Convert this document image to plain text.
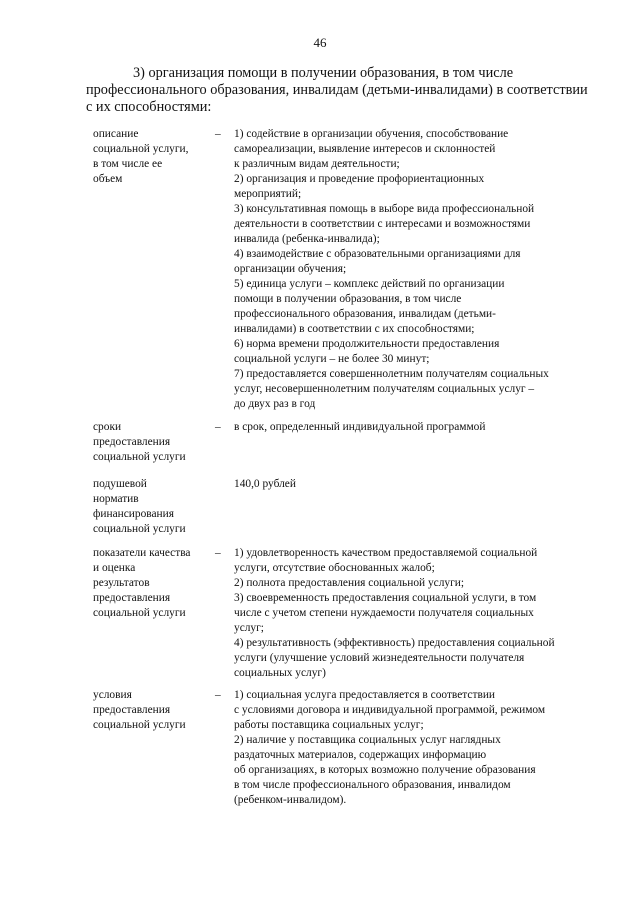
46
3) организация помощи в получении образования, в том числе
профессионального образования, инвалидам (детьми-инвалидами) в соответствии
с их способностями:
описание
социальной услуги,
в том числе ее
объем
– 1) содействие в организации обучения, способствование
самореализации, выявление интересов и склонностей
к различным видам деятельности;
2) организация и проведение профориентационных
мероприятий;
3) консультативная помощь в выборе вида профессиональной
деятельности в соответствии с интересами и возможностями
инвалида (ребенка-инвалида);
4) взаимодействие с образовательными организациями для
организации обучения;
5) единица услуги – комплекс действий по организации
помощи в получении образования, в том числе
профессионального образования, инвалидам (детьми-
инвалидами) в соответствии с их способностями;
6) норма времени продолжительности предоставления
социальной услуги – не более 30 минут;
7) предоставляется совершеннолетним получателям социальных
услуг, несовершеннолетним получателям социальных услуг –
до двух раз в год
сроки
предоставления
социальной услуги
– в срок, определенный индивидуальной программой
подушевой
норматив
финансирования
социальной услуги
140,0 рублей
показатели качества
и оценка
результатов
предоставления
социальной услуги
– 1) удовлетворенность качеством предоставляемой социальной
услуги, отсутствие обоснованных жалоб;
2) полнота предоставления социальной услуги;
3) своевременность предоставления социальной услуги, в том
числе с учетом степени нуждаемости получателя социальных
услуг;
4) результативность (эффективность) предоставления социальной
услуги (улучшение условий жизнедеятельности получателя
социальных услуг)
условия
предоставления
социальной услуги
– 1) социальная услуга предоставляется в соответствии
с условиями договора и индивидуальной программой, режимом
работы поставщика социальных услуг;
2) наличие у поставщика социальных услуг наглядных
раздаточных материалов, содержащих информацию
об организациях, в которых возможно получение образования
в том числе профессионального образования, инвалидом
(ребенком-инвалидом).
